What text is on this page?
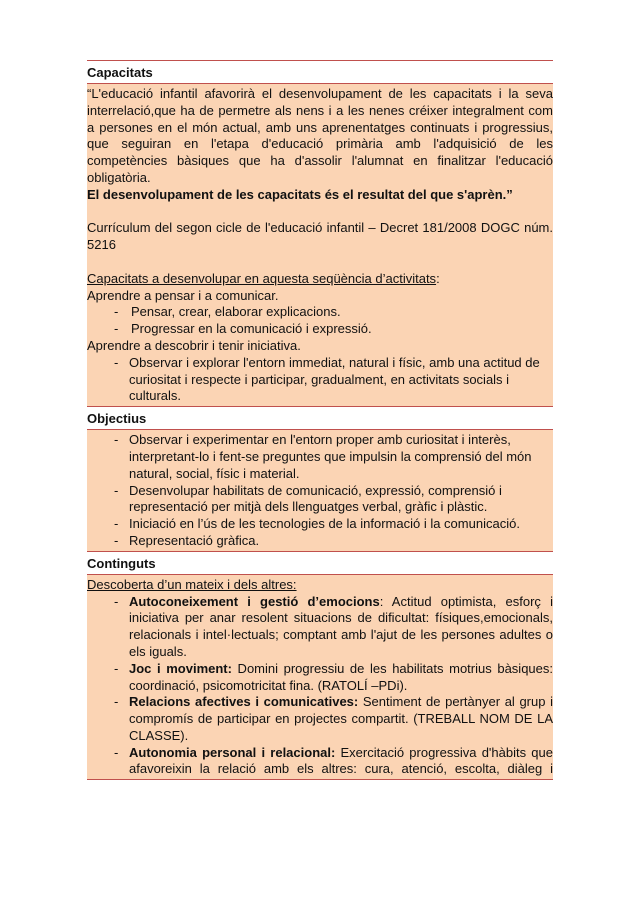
Capacitats
“L'educació infantil afavorirà el desenvolupament de les capacitats i la seva
interrelació,que ha de permetre als nens i a les nenes créixer integralment com
a persones en el món actual, amb uns aprenentatges continuats i progressius,
que seguiran en l'etapa d'educació primària amb l'adquisició de les
competències bàsiques que ha d'assolir l'alumnat en finalitzar l'educació
obligatòria.
El desenvolupament de les capacitats és el resultat del que s'aprèn.”
Currículum del segon cicle de l'educació infantil – Decret 181/2008 DOGC núm.
5216
Capacitats a desenvolupar en aquesta seqüència d’activitats:
Aprendre a pensar i a comunicar.
- Pensar, crear, elaborar explicacions.
- Progressar en la comunicació i expressió.
Aprendre a descobrir i tenir iniciativa.
- Observar i explorar l'entorn immediat, natural i físic, amb una actitud de
curiositat i respecte i participar, gradualment, en activitats socials i
culturals.
Objectius
- Observar i experimentar en l'entorn proper amb curiositat i interès,
interpretant-lo i fent-se preguntes que impulsin la comprensió del món
natural, social, físic i material.
- Desenvolupar habilitats de comunicació, expressió, comprensió i
representació per mitjà dels llenguatges verbal, gràfic i plàstic.
- Iniciació en l’ús de les tecnologies de la informació i la comunicació.
- Representació gràfica.
Continguts
Descoberta d’un mateix i dels altres:
- Autoconeixement i gestió d’emocions: Actitud optimista, esforç i
iniciativa per anar resolent situacions de dificultat: físiques,emocionals,
relacionals i intel·lectuals; comptant amb l'ajut de les persones adultes o
els iguals.
- Joc i moviment: Domini progressiu de les habilitats motrius bàsiques:
coordinació, psicomotricitat fina. (RATOLÍ –PDi).
- Relacions afectives i comunicatives: Sentiment de pertànyer al grup i
compromís de participar en projectes compartit. (TREBALL NOM DE LA
CLASSE).
- Autonomia personal i relacional: Exercitació progressiva d'hàbits que
afavoreixin la relació amb els altres: cura, atenció, escolta, diàleg i
